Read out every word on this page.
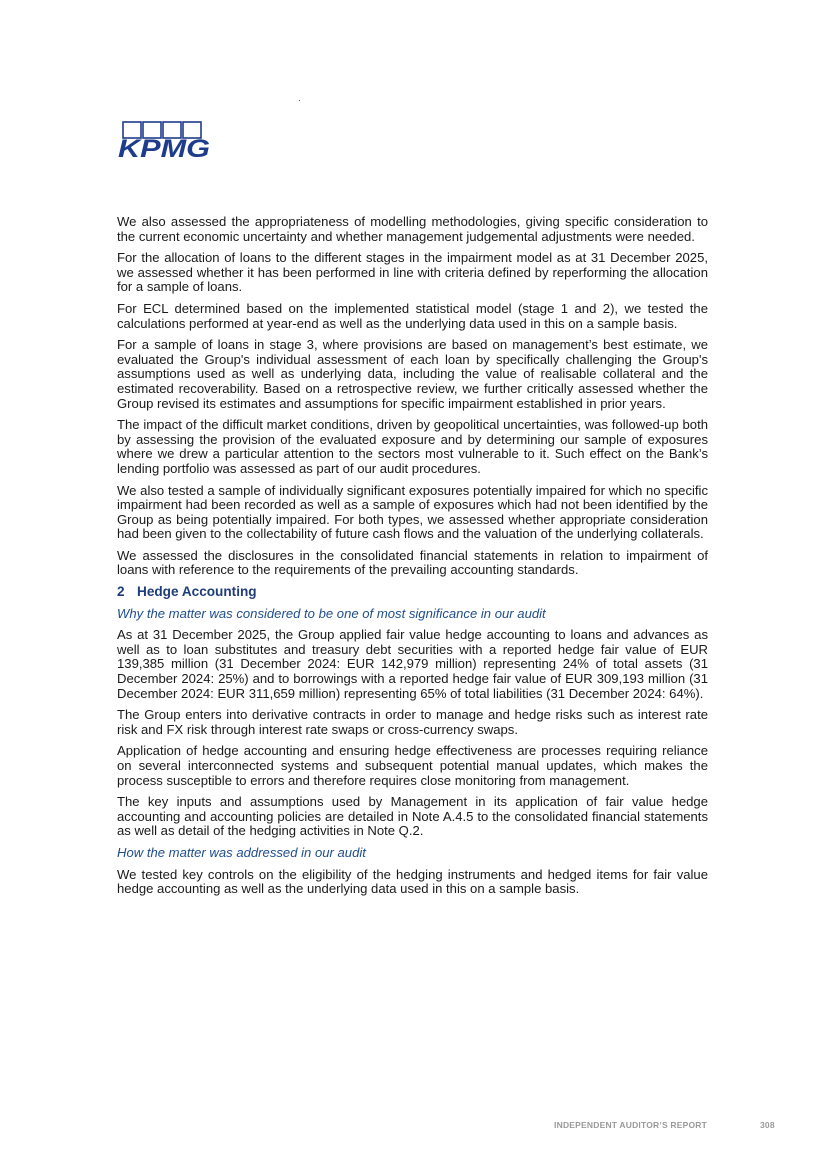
KPMG

We also assessed the appropriateness of modelling methodologies, giving specific consideration to the current economic uncertainty and whether management judgemental adjustments were needed.

For the allocation of loans to the different stages in the impairment model as at 31 December 2025, we assessed whether it has been performed in line with criteria defined by reperforming the allocation for a sample of loans.

For ECL determined based on the implemented statistical model (stage 1 and 2), we tested the calculations performed at year-end as well as the underlying data used in this on a sample basis.

For a sample of loans in stage 3, where provisions are based on management’s best estimate, we evaluated the Group's individual assessment of each loan by specifically challenging the Group's assumptions used as well as underlying data, including the value of realisable collateral and the estimated recoverability. Based on a retrospective review, we further critically assessed whether the Group revised its estimates and assumptions for specific impairment established in prior years.

The impact of the difficult market conditions, driven by geopolitical uncertainties, was followed-up both by assessing the provision of the evaluated exposure and by determining our sample of exposures where we drew a particular attention to the sectors most vulnerable to it. Such effect on the Bank’s lending portfolio was assessed as part of our audit procedures.

We also tested a sample of individually significant exposures potentially impaired for which no specific impairment had been recorded as well as a sample of exposures which had not been identified by the Group as being potentially impaired. For both types, we assessed whether appropriate consideration had been given to the collectability of future cash flows and the valuation of the underlying collaterals.

We assessed the disclosures in the consolidated financial statements in relation to impairment of loans with reference to the requirements of the prevailing accounting standards.

2 Hedge Accounting
Why the matter was considered to be one of most significance in our audit

As at 31 December 2025, the Group applied fair value hedge accounting to loans and advances as well as to loan substitutes and treasury debt securities with a reported hedge fair value of EUR 139,385 million (31 December 2024: EUR 142,979 million) representing 24% of total assets (31 December 2024: 25%) and to borrowings with a reported hedge fair value of EUR 309,193 million (31 December 2024: EUR 311,659 million) representing 65% of total liabilities (31 December 2024: 64%).

The Group enters into derivative contracts in order to manage and hedge risks such as interest rate risk and FX risk through interest rate swaps or cross-currency swaps.

Application of hedge accounting and ensuring hedge effectiveness are processes requiring reliance on several interconnected systems and subsequent potential manual updates, which makes the process susceptible to errors and therefore requires close monitoring from management.

The key inputs and assumptions used by Management in its application of fair value hedge accounting and accounting policies are detailed in Note A.4.5 to the consolidated financial statements as well as detail of the hedging activities in Note Q.2.

How the matter was addressed in our audit

We tested key controls on the eligibility of the hedging instruments and hedged items for fair value hedge accounting as well as the underlying data used in this on a sample basis.

INDEPENDENT AUDITOR’S REPORT	308
